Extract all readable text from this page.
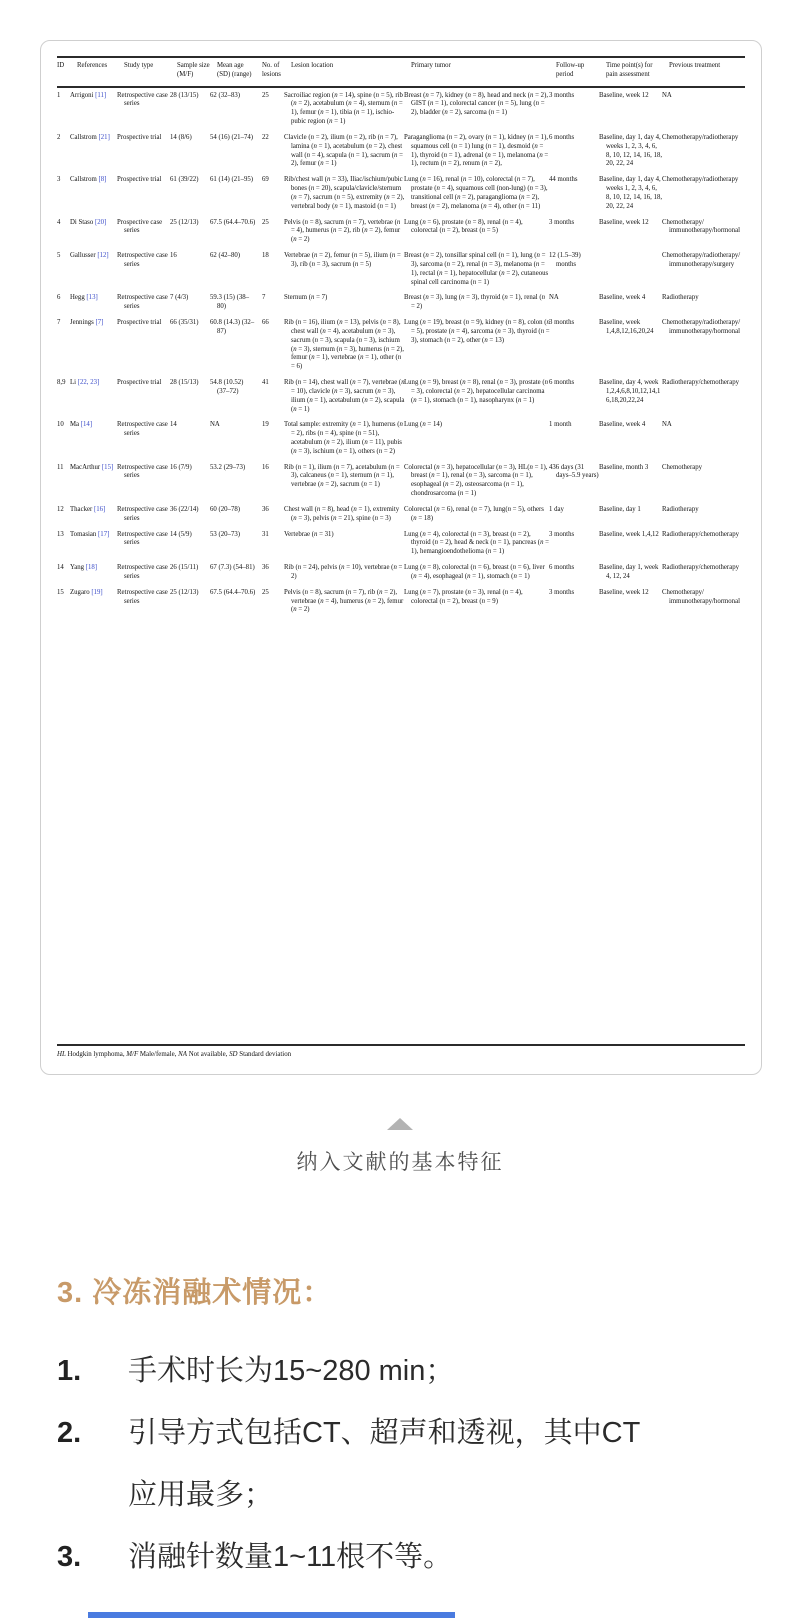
ID	References	Study type	Sample size (M/F)	Mean age (SD) (range)	No. of lesions	Lesion location	Primary tumor	Follow-up period	Time point(s) for pain assessment	Previous treatment
1	Arrigoni [11]	Retrospective case series	28 (13/​15)	62 (32–83)	25	Sacroiliac region (n = 14), spine (n = 5), rib (n = 2), acetabulum (n = 4), sternum (n = 1), femur (n = 1), tibia (n = 1), ischio-pubic region (n = 1)	Breast (n = 7), kidney (n = 8), head and neck (n = 2), GIST (n = 1), colorectal cancer (n = 5), lung (n = 2), bladder (n = 2), sarcoma (n = 1)	3 months	Baseline, week 12	NA
2	Callstrom [21]	Prospective trial	14 (8/​6)	54 (16) (21–74)	22	Clavicle (n = 2), ilium (n = 2), rib (n = 7), lamina (n = 1), acetabulum (n = 2), chest wall (n = 4), scapula (n = 1), sacrum (n = 2), femur (n = 1)	Paraganglioma (n = 2), ovary (n = 1), kidney (n = 1), squamous cell (n = 1) lung (n = 1), desmoid (n = 1), thyroid (n = 1), adrenal (n = 1), melanoma (n = 1), rectum (n = 2), renum (n = 2),	6 months	Baseline, day 1, day 4, weeks 1, 2, 3, 4, 6, 8, 10, 12, 14, 16, 18, 20, 22, 24	Chemotherapy/​radiotherapy
3	Callstrom [8]	Prospective trial	61 (39/​22)	61 (14) (21–95)	69	Rib/​chest wall (n = 33), Iliac/​ischium/​pubic bones (n = 20), scapula/​clavicle/​sternum (n = 7), sacrum (n = 5), extremity (n = 2), vertebral body (n = 1), mastoid (n = 1)	Lung (n = 16), renal (n = 10), colorectal (n = 7), prostate (n = 4), squamous cell (non-lung) (n = 3), transitional cell (n = 2), paraganglioma (n = 2), breast (n = 2), melanoma (n = 4), other (n = 11)	44 months	Baseline, day 1, day 4, weeks 1, 2, 3, 4, 6, 8, 10, 12, 14, 16, 18, 20, 22, 24	Chemotherapy/​radiotherapy
4	Di Staso [20]	Prospective case series	25 (12/​13)	67.5 (64.4–70.6)	25	Pelvis (n = 8), sacrum (n = 7), vertebrae (n = 4), humerus (n = 2), rib (n = 2), femur (n = 2)	Lung (n = 6), prostate (n = 8), renal (n = 4), colorectal (n = 2), breast (n = 5)	3 months	Baseline, week 12	Chemotherapy/​immunotherapy/​hormonal
5	Gallusser [12]	Retrospective case series	16	62 (42–80)	18	Vertebrae (n = 2), femur (n = 5), ilium (n = 3), rib (n = 3), sacrum (n = 5)	Breast (n = 2), tonsillar spinal cell (n = 1), lung (n = 3), sarcoma (n = 2), renal (n = 3), melanoma (n = 1), rectal (n = 1), hepatocellular (n = 2), cutaneous spinal cell carcinoma (n = 1)	12 (1.5–39) months		Chemotherapy/​radiotherapy/​immunotherapy/​surgery
6	Hegg [13]	Retrospective case series	7 (4/​3)	59.3 (15) (38–80)	7	Sternum (n = 7)	Breast (n = 3), lung (n = 3), thyroid (n = 1), renal (n = 2)	NA	Baseline, week 4	Radiotherapy
7	Jennings [7]	Prospective trial	66 (35/​31)	60.8 (14.3) (32–87)	66	Rib (n = 16), ilium (n = 13), pelvis (n = 8), chest wall (n = 4), acetabulum (n = 3), sacrum (n = 3), scapula (n = 3), ischium (n = 3), sternum (n = 3), humerus (n = 2), femur (n = 1), vertebrae (n = 1), other (n = 6)	Lung (n = 19), breast (n = 9), kidney (n = 8), colon (n = 5), prostate (n = 4), sarcoma (n = 3), thyroid (n = 3), stomach (n = 2), other (n = 13)	3 months	Baseline, week 1,4,8,12,16,20,24	Chemotherapy/​radiotherapy/​immunotherapy/​hormonal
8,9	Li [22, 23]	Prospective trial	28 (15/​13)	54.8 (10.52) (37–72)	41	Rib (n = 14), chest wall (n = 7), vertebrae (n = 10), clavicle (n = 3), sacrum (n = 3), ilium (n = 1), acetabulum (n = 2), scapula (n = 1)	Lung (n = 9), breast (n = 8), renal (n = 3), prostate (n = 3), colorectal (n = 2), hepatocellular carcinoma (n = 1), stomach (n = 1), nasopharynx (n = 1)	6 months	Baseline, day 4, week 1,2,4,6,8,10,12,14,16,18,20,22,24	Radiotherapy/​chemotherapy
10	Ma [14]	Retrospective case series	14	NA	19	Total sample: extremity (n = 1), humerus (n = 2), ribs (n = 4), spine (n = 51), acetabulum (n = 2), ilium (n = 11), pubis (n = 3), ischium (n = 1), others (n = 2)	Lung (n = 14)	1 month	Baseline, week 4	NA
11	MacArthur [15]	Retrospective case series	16 (7/​9)	53.2 (29–73)	16	Rib (n = 1), ilium (n = 7), acetabulum (n = 3), calcaneus (n = 1), sternum (n = 1), vertebrae (n = 2), sacrum (n = 1)	Colorectal (n = 3), hepatocellular (n = 3), HL(n = 1), breast (n = 1), renal (n = 3), sarcoma (n = 1), esophageal (n = 2), osteosarcoma (n = 1), chondrosarcoma (n = 1)	436 days (31 days–5.9 years)	Baseline, month 3	Chemotherapy
12	Thacker [16]	Retrospective case series	36 (22/​14)	60 (20–78)	36	Chest wall (n = 8), head (n = 1), extremity (n = 3), pelvis (n = 21), spine (n = 3)	Colorectal (n = 6), renal (n = 7), lung(n = 5), others (n = 18)	1 day	Baseline, day 1	Radiotherapy
13	Tomasian [17]	Retrospective case series	14 (5/​9)	53 (20–73)	31	Vertebrae (n = 31)	Lung (n = 4), colorectal (n = 3), breast (n = 2), thyroid (n = 2), head & neck (n = 1), pancreas (n = 1), hemangioendothelioma (n = 1)	3 months	Baseline, week 1,4,12	Radiotherapy/​chemotherapy
14	Yang [18]	Retrospective case series	26 (15/​11)	67 (7.3) (54–81)	36	Rib (n = 24), pelvis (n = 10), vertebrae (n = 2)	Lung (n = 8), colorectal (n = 6), breast (n = 6), liver (n = 4), esophageal (n = 1), stomach (n = 1)	6 months	Baseline, day 1, week 4, 12, 24	Radiotherapy/​chemotherapy
15	Zugaro [19]	Retrospective case series	25 (12/​13)	67.5 (64.4–70.6)	25	Pelvis (n = 8), sacrum (n = 7), rib (n = 2), vertebrae (n = 4), humerus (n = 2), femur (n = 2)	Lung (n = 7), prostate (n = 3), renal (n = 4), colorectal (n = 2), breast (n = 9)	3 months	Baseline, week 12	Chemotherapy/​immunotherapy/​hormonal
HL Hodgkin lymphoma, M/F Male/female, NA Not available, SD Standard deviation
纳入文献的基本特征
3. 冷冻消融术情况：
1.	手术时长为15~280 min；
2.	引导方式包括CT、超声和透视，其中CT
应用最多；
3.	消融针数量1~11根不等。
